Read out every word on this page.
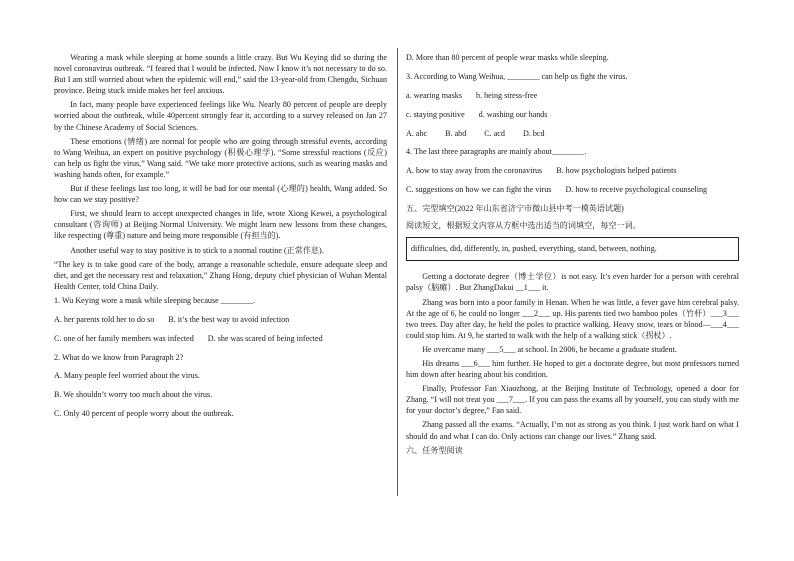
Wearing a mask while sleeping at home sounds a little crazy. But Wu Keying did so during the novel coronavirus outbreak. “I feared that I would be infected. Now I know it’s not necessary to do so. But I am still worried about when the epidemic will end,” said the 13-year-old from Chengdu, Sichuan province. Being stuck inside makes her feel anxious.

In fact, many people have experienced feelings like Wu. Nearly 80 percent of people are deeply worried about the outbreak, while 40percent strongly fear it, according to a survey released on Jan 27 by the Chinese Academy of Social Sciences.

These emotions (情绪) are normal for people who are going through stressful events, according to Wang Weihua, an expert on positive psychology (积极心理学). “Some stressful reactions (反应) can help us fight the virus,” Wang said. “We take more protective actions, such as wearing masks and washing hands often, for example.”

But if these feelings last too long, it will be bad for our mental (心理的) health, Wang added. So how can we stay positive?

First, we should learn to accept unexpected changes in life, wrote Xiong Kewei, a psychological consultant (咨询师) at Beijing Normal University. We might learn new lessons from these changes, like respecting (尊重) nature and being more responsible (有担当的).

Another useful way to stay positive is to stick to a normal routine (正常作息).

“The key is to take good care of the body, arrange a reasonable schedule, ensure adequate sleep and diet, and get the necessary rest and relaxation,” Zhang Hong, deputy chief physician of Wuhan Mental Health Center, told China Daily.

1. Wu Keying wore a mask while sleeping because ________.

A. her parents told her to do so B. it’s the best way to avoid infection
C. one of her family members was infected D. she was scared of being infected

2. What do we know from Paragraph 2?

A. Many people feel worried about the virus.

B. We shouldn’t worry too much about the virus.

C. Only 40 percent of people worry about the outbreak.

D. More than 80 percent of people wear masks while sleeping.

3. According to Wang Weihua, ________ can help us fight the virus.

a. wearing masks b. being stress-free
c. staying positive d. washing our hands
A. abc B. abd C. acd D. bcd

4. The last three paragraphs are mainly about________.

A. how to stay away from the coronavirus B. how psychologists helped patients
C. suggestions on how we can fight the virus D. how to receive psychological counseling

五、完型填空(2022 年山东省济宁市微山县中考一模英语试题)

阅读短文，根据短文内容从方框中选出适当的词填空，每空一词。

difficulties, did, differently, in, pushed, everything, stand, between, nothing.

Getting a doctorate degree（博士学位）is not easy. It’s even harder for a person with cerebral palsy（脑瘫）. But ZhangDakui __1___ it.

Zhang was born into a poor family in Henan. When he was little, a fever gave him cerebral palsy. At the age of 6, he could no longer ___2___ up. His parents tied two bamboo poles（竹杆）___3___ two trees. Day after day, he held the poles to practice walking. Heavy snow, tears or blood—___4___ could stop him. At 9, he started to walk with the help of a walking stick（拐杖）.

He overcame many ___5___ at school. In 2006, he became a graduate student.

His dreams ___6___ him further. He hoped to get a doctorate degree, but most professors turned him down after hearing about his condition.

Finally, Professor Fan Xiaozhong, at the Beijing Institute of Technology, opened a door for Zhang. “I will not treat you ___7___. If you can pass the exams all by yourself, you can study with me for your doctor’s degree,” Fan said.

Zhang passed all the exams. “Actually, I’m not as strong as you think. I just work hard on what I should do and what I can do. Only actions can change our lives.” Zhang said.

六、任务型阅读
